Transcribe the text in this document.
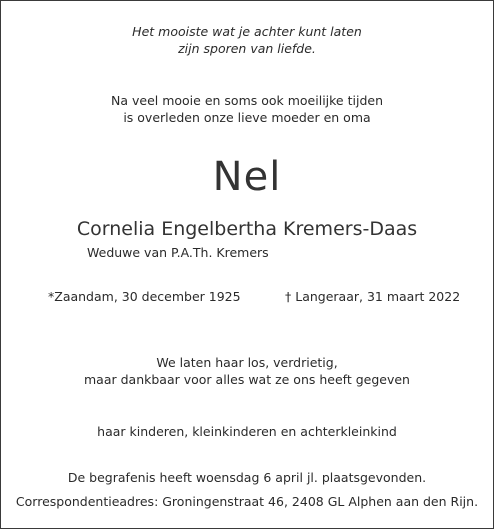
Het mooiste wat je achter kunt laten
zijn sporen van liefde.
Na veel mooie en soms ook moeilijke tijden
is overleden onze lieve moeder en oma
Nel
Cornelia Engelbertha Kremers-Daas
Weduwe van P.A.Th. Kremers
*Zaandam, 30 december 1925	† Langeraar, 31 maart 2022
We laten haar los, verdrietig,
maar dankbaar voor alles wat ze ons heeft gegeven
haar kinderen, kleinkinderen en achterkleinkind
De begrafenis heeft woensdag 6 april jl. plaatsgevonden.
Correspondentieadres: Groningenstraat 46, 2408 GL Alphen aan den Rijn.
